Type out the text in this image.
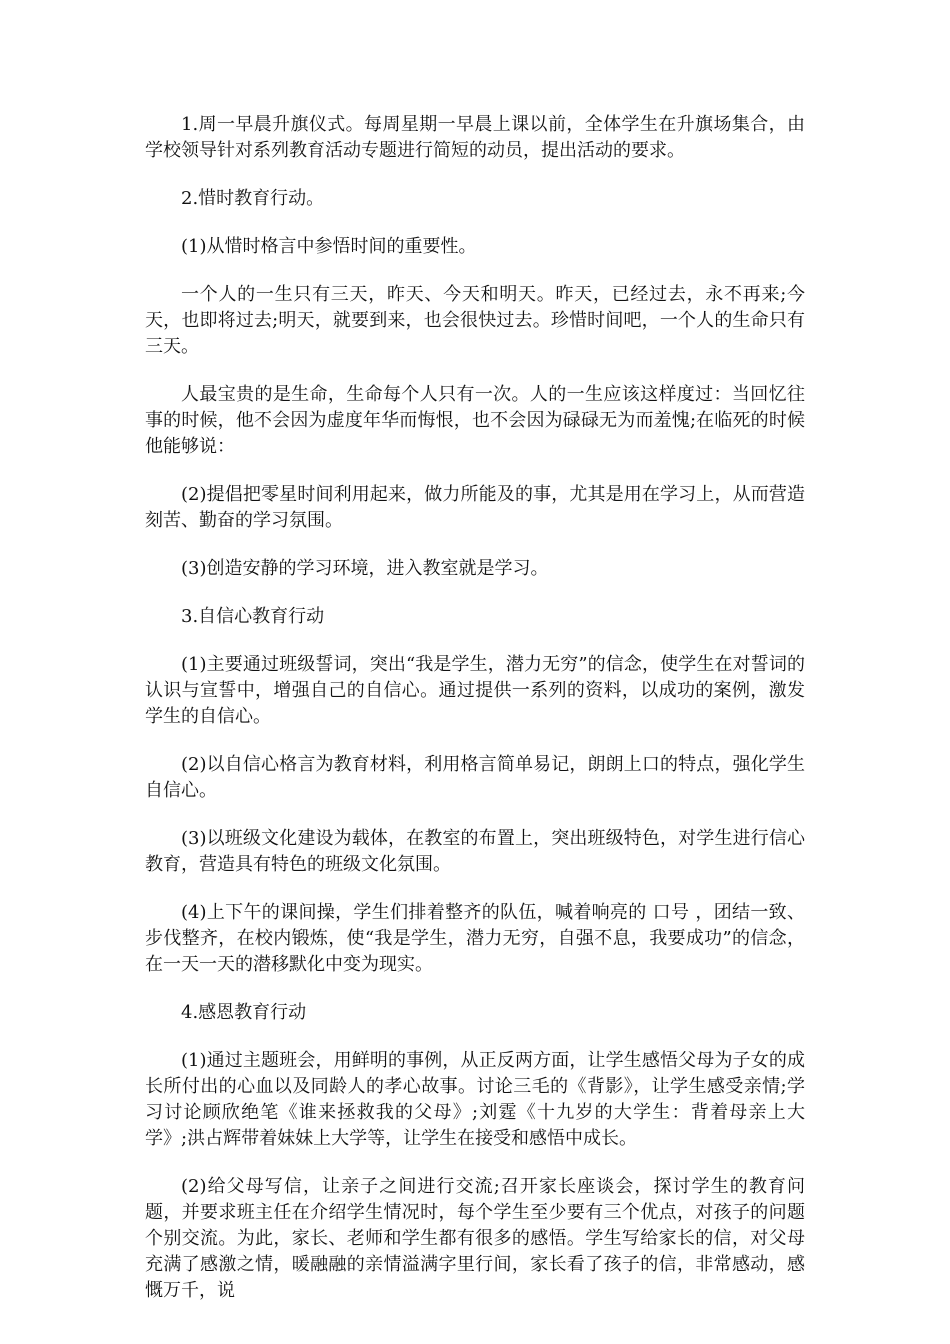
1.周一早晨升旗仪式。每周星期一早晨上课以前，全体学生在升旗场集合，由学校领导针对系列教育活动专题进行简短的动员，提出活动的要求。

2.惜时教育行动。

(1)从惜时格言中参悟时间的重要性。

一个人的一生只有三天，昨天、今天和明天。昨天，已经过去，永不再来;今天，也即将过去;明天，就要到来，也会很快过去。珍惜时间吧，一个人的生命只有三天。

人最宝贵的是生命，生命每个人只有一次。人的一生应该这样度过：当回忆往事的时候，他不会因为虚度年华而悔恨，也不会因为碌碌无为而羞愧;在临死的时候他能够说：

(2)提倡把零星时间利用起来，做力所能及的事，尤其是用在学习上，从而营造刻苦、勤奋的学习氛围。

(3)创造安静的学习环境，进入教室就是学习。

3.自信心教育行动

(1)主要通过班级誓词，突出“我是学生，潜力无穷”的信念，使学生在对誓词的认识与宣誓中，增强自己的自信心。通过提供一系列的资料，以成功的案例，激发学生的自信心。

(2)以自信心格言为教育材料，利用格言简单易记，朗朗上口的特点，强化学生自信心。

(3)以班级文化建设为载体，在教室的布置上，突出班级特色，对学生进行信心教育，营造具有特色的班级文化氛围。

(4)上下午的课间操，学生们排着整齐的队伍，喊着响亮的 口号 ，团结一致、步伐整齐，在校内锻炼，使“我是学生，潜力无穷，自强不息，我要成功”的信念，在一天一天的潜移默化中变为现实。

4.感恩教育行动

(1)通过主题班会，用鲜明的事例，从正反两方面，让学生感悟父母为子女的成长所付出的心血以及同龄人的孝心故事。讨论三毛的《背影》，让学生感受亲情;学习讨论顾欣绝笔《谁来拯救我的父母》;刘霆《十九岁的大学生：背着母亲上大学》;洪占辉带着妹妹上大学等，让学生在接受和感悟中成长。

(2)给父母写信，让亲子之间进行交流;召开家长座谈会，探讨学生的教育问题，并要求班主任在介绍学生情况时，每个学生至少要有三个优点，对孩子的问题个别交流。为此，家长、老师和学生都有很多的感悟。学生写给家长的信，对父母充满了感激之情，暖融融的亲情溢满字里行间，家长看了孩子的信，非常感动，感慨万千，说
